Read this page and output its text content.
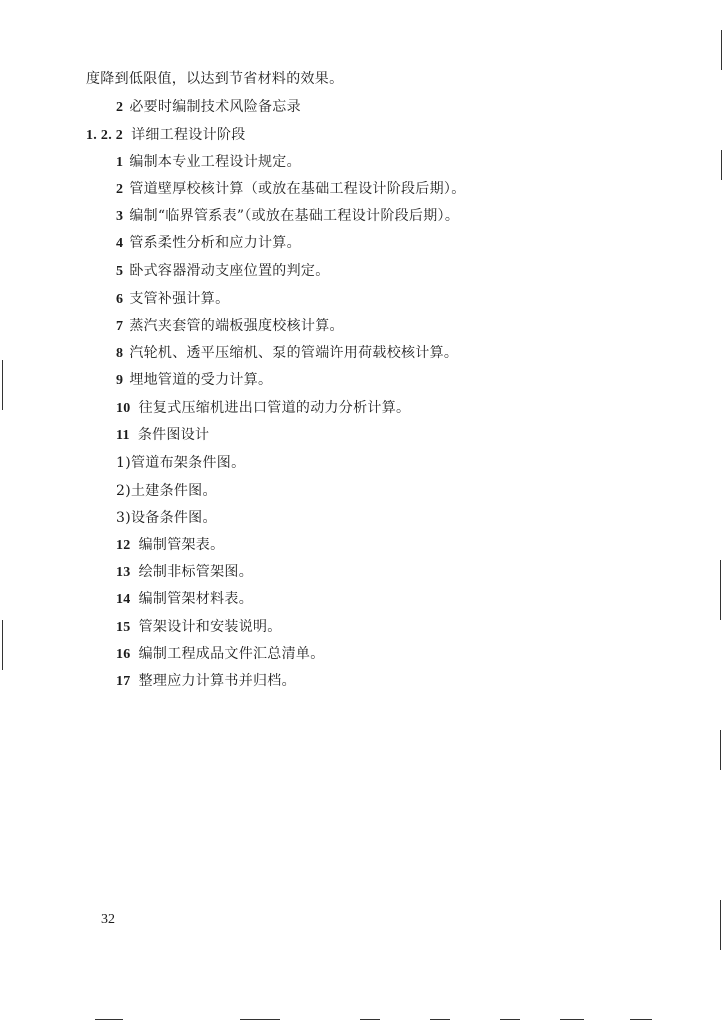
度降到低限值，以达到节省材料的效果。
2 必要时编制技术风险备忘录
1. 2. 2 详细工程设计阶段
1 编制本专业工程设计规定。
2 管道壁厚校核计算（或放在基础工程设计阶段后期）。
3 编制“临界管系表”（或放在基础工程设计阶段后期）。
4 管系柔性分析和应力计算。
5 卧式容器滑动支座位置的判定。
6 支管补强计算。
7 蒸汽夹套管的端板强度校核计算。
8 汽轮机、透平压缩机、泵的管端许用荷载校核计算。
9 埋地管道的受力计算。
10 往复式压缩机进出口管道的动力分析计算。
11 条件图设计
1)管道布架条件图。
2)土建条件图。
3)设备条件图。
12 编制管架表。
13 绘制非标管架图。
14 编制管架材料表。
15 管架设计和安装说明。
16 编制工程成品文件汇总清单。
17 整理应力计算书并归档。
32
